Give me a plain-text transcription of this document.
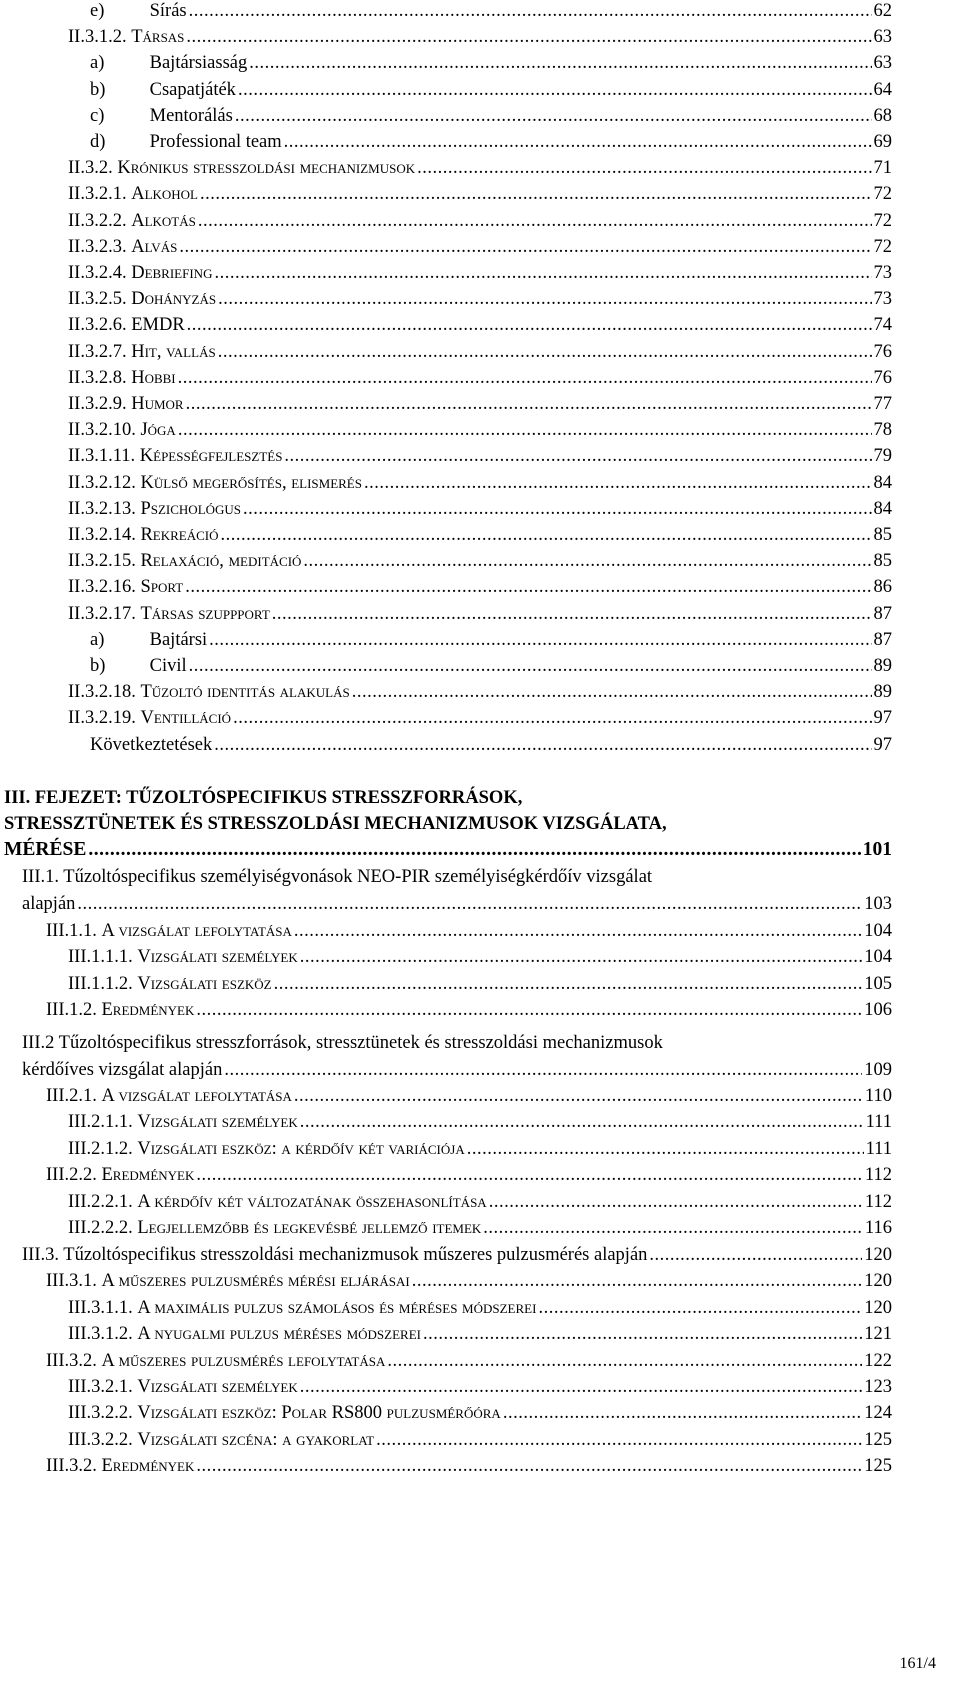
e) Sírás .....	62
II.3.1.2. Társas .....	63
a) Bajtársiasság .....	63
b) Csapatjáték .....	64
c) Mentorálás .....	68
d) Professional team .....	69
II.3.2. Krónikus stresszoldási mechanizmusok .....	71
II.3.2.1. Alkohol .....	72
II.3.2.2. Alkotás .....	72
II.3.2.3. Alvás .....	72
II.3.2.4. Debriefing .....	73
II.3.2.5. Dohányzás .....	73
II.3.2.6. EMDR .....	74
II.3.2.7. Hit, vallás .....	76
II.3.2.8. Hobbi .....	76
II.3.2.9. Humor .....	77
II.3.2.10. Jóga .....	78
II.3.1.11. Képességfejlesztés .....	79
II.3.2.12. Külső megerősítés, elismerés .....	84
II.3.2.13. Pszichológus .....	84
II.3.2.14. Rekreáció .....	85
II.3.2.15. Relaxáció, meditáció .....	85
II.3.2.16. Sport .....	86
II.3.2.17. Társas szuppport .....	87
a) Bajtársi .....	87
b) Civil .....	89
II.3.2.18. Tűzoltó identitás alakulás .....	89
II.3.2.19. Ventilláció .....	97
Következtetések .....	97
III. FEJEZET: TŰZOLTÓSPECIFIKUS STRESSZFORRÁSOK,
STRESSZTÜNETEK ÉS STRESSZOLDÁSI MECHANIZMUSOK VIZSGÁLATA,
MÉRÉSE .....	101
III.1. Tűzoltóspecifikus személyiségvonások NEO-PIR személyiségkérdőív vizsgálat
alapján .....	103
III.1.1. A vizsgálat lefolytatása .....	104
III.1.1.1. Vizsgálati személyek .....	104
III.1.1.2. Vizsgálati eszköz .....	105
III.1.2. Eredmények .....	106
III.2 Tűzoltóspecifikus stresszforrások, stressztünetek és stresszoldási mechanizmusok
kérdőíves vizsgálat alapján .....	109
III.2.1. A vizsgálat lefolytatása .....	110
III.2.1.1. Vizsgálati személyek .....	111
III.2.1.2. Vizsgálati eszköz: a kérdőív két variációja .....	111
III.2.2. Eredmények .....	112
III.2.2.1. A kérdőív két változatának összehasonlítása .....	112
III.2.2.2. Legjellemzőbb és legkevésbé jellemző itemek .....	116
III.3. Tűzoltóspecifikus stresszoldási mechanizmusok műszeres pulzusmérés alapján .....	120
III.3.1. A műszeres pulzusmérés mérési eljárásai .....	120
III.3.1.1. A maximális pulzus számolásos és méréses módszerei .....	120
III.3.1.2. A nyugalmi pulzus méréses módszerei .....	121
III.3.2. A műszeres pulzusmérés lefolytatása .....	122
III.3.2.1. Vizsgálati személyek .....	123
III.3.2.2. Vizsgálati eszköz: Polar RS800 pulzusmérőóra .....	124
III.3.2.2. Vizsgálati szcéna: a gyakorlat .....	125
III.3.2. Eredmények .....	125
161/4
